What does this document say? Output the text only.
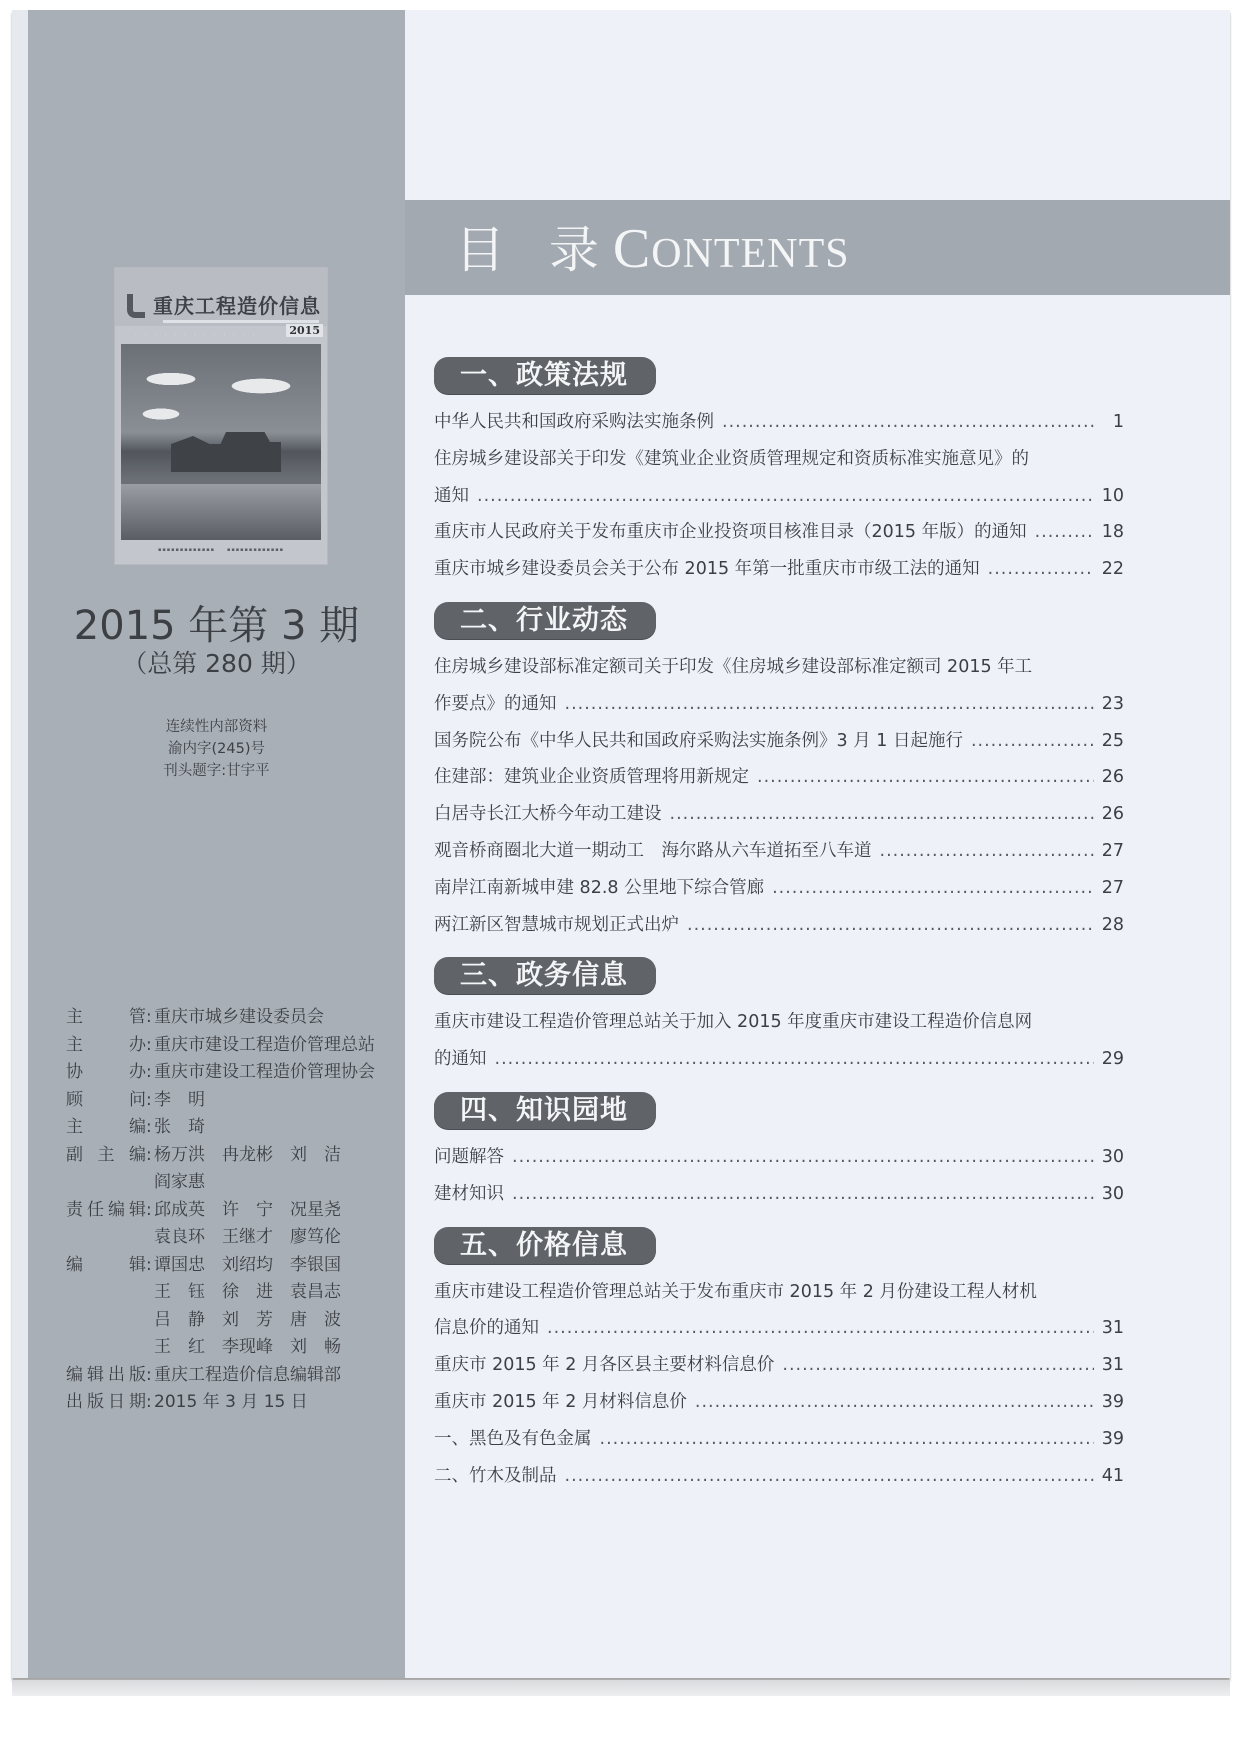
重庆工程造价信息
· · · · · · · · · · · · ·	2015
▪▪▪▪▪▪▪▪▪▪▪▪▪　　▪▪▪▪▪▪▪▪▪▪▪▪▪
2015 年第 3 期
（总第 280 期）
连续性内部资料
渝内字(245)号
刊头题字:甘宇平
主管 : 重庆市城乡建设委员会
主办 : 重庆市建设工程造价管理总站
协办 : 重庆市建设工程造价管理协会
顾问 : 李　明
主编 : 张　琦
副主编 : 杨万洪　冉龙彬　刘　洁
阎家惠
责任编辑 : 邱成英　许　宁　况星尧
袁良环　王继才　廖笃伦
编辑 : 谭国忠　刘绍均　李银国
王　钰　徐　进　袁昌志
吕　静　刘　芳　唐　波
王　红　李现峰　刘　畅
编辑出版 : 重庆工程造价信息编辑部
出版日期 : 2015 年 3 月 15 日
目 录CONTENTS
一、政策法规
中华人民共和国政府采购法实施条例 .....	1
住房城乡建设部关于印发《建筑业企业资质管理规定和资质标准实施意见》的
通知 .....	10
重庆市人民政府关于发布重庆市企业投资项目核准目录（2015 年版）的通知 .....	18
重庆市城乡建设委员会关于公布 2015 年第一批重庆市市级工法的通知 .....	22
二、行业动态
住房城乡建设部标准定额司关于印发《住房城乡建设部标准定额司 2015 年工
作要点》的通知 .....	23
国务院公布《中华人民共和国政府采购法实施条例》3 月 1 日起施行 .....	25
住建部：建筑业企业资质管理将用新规定 .....	26
白居寺长江大桥今年动工建设 .....	26
观音桥商圈北大道一期动工　海尔路从六车道拓至八车道 .....	27
南岸江南新城申建 82.8 公里地下综合管廊 .....	27
两江新区智慧城市规划正式出炉 .....	28
三、政务信息
重庆市建设工程造价管理总站关于加入 2015 年度重庆市建设工程造价信息网
的通知 .....	29
四、知识园地
问题解答 .....	30
建材知识 .....	30
五、价格信息
重庆市建设工程造价管理总站关于发布重庆市 2015 年 2 月份建设工程人材机
信息价的通知 .....	31
重庆市 2015 年 2 月各区县主要材料信息价 .....	31
重庆市 2015 年 2 月材料信息价 .....	39
一、黑色及有色金属 .....	39
二、竹木及制品 .....	41
